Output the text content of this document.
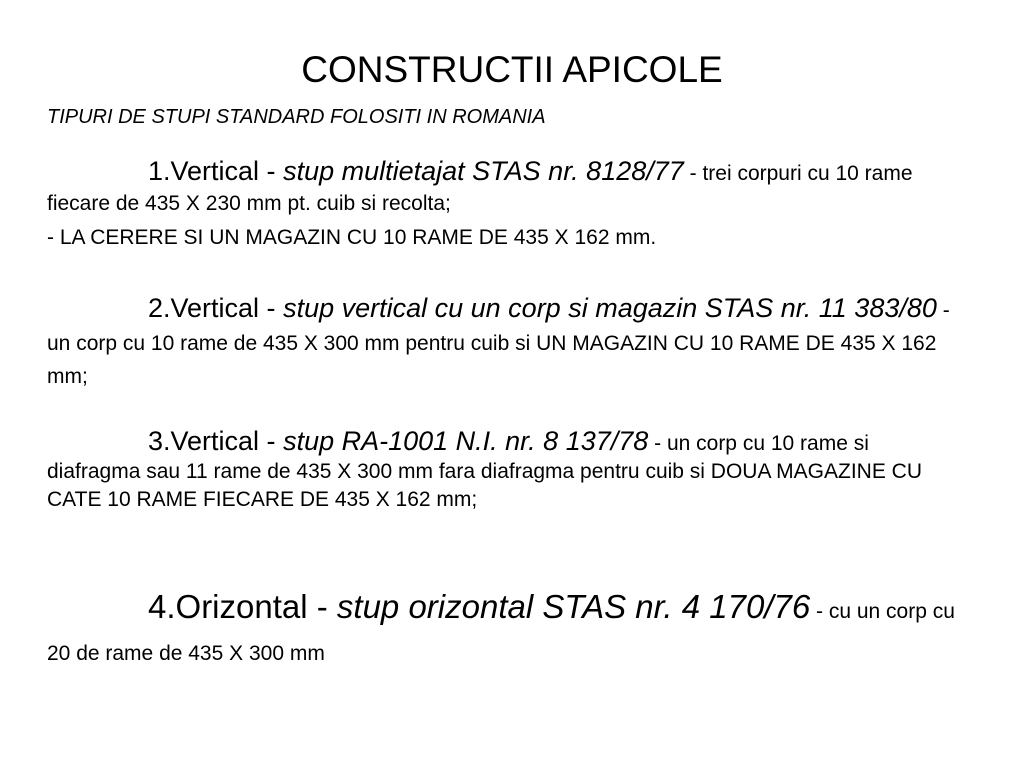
CONSTRUCTII APICOLE

TIPURI DE STUPI STANDARD FOLOSITI IN ROMANIA

1.Vertical - stup multietajat STAS nr. 8128/77 - trei corpuri cu 10 rame fiecare de 435 X 230 mm pt. cuib si recolta;

- LA CERERE SI UN MAGAZIN CU 10 RAME DE 435 X 162 mm.

2.Vertical - stup vertical cu un corp si magazin STAS nr. 11 383/80 - un corp cu 10 rame de 435 X 300 mm pentru cuib si UN MAGAZIN CU 10 RAME DE 435 X 162 mm;

3.Vertical - stup RA-1001 N.I. nr. 8 137/78 - un corp cu 10 rame si diafragma sau 11 rame de 435 X 300 mm fara diafragma pentru cuib si DOUA MAGAZINE CU CATE 10 RAME FIECARE DE 435 X 162 mm;

4.Orizontal - stup orizontal STAS nr. 4 170/76 - cu un corp cu 20 de rame de 435 X 300 mm
